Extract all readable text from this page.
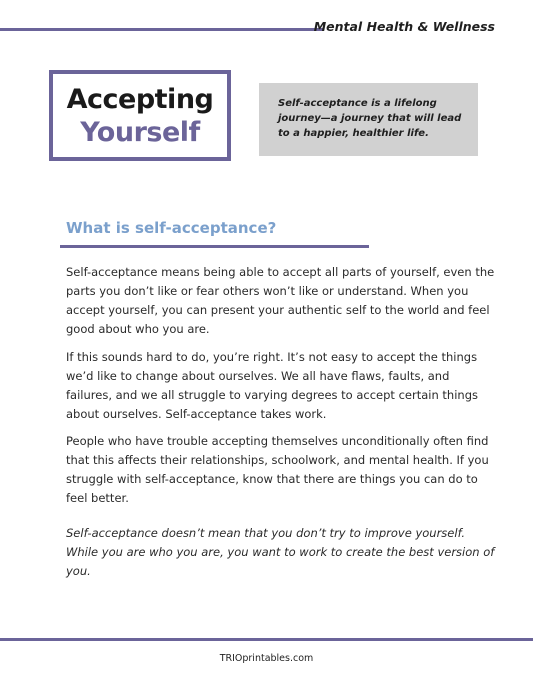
Mental Health & Wellness
Accepting
Yourself
Self-acceptance is a lifelong journey—a journey that will lead to a happier, healthier life.
What is self-acceptance?

Self-acceptance means being able to accept all parts of yourself, even the parts you don’t like or fear others won’t like or understand. When you accept yourself, you can present your authentic self to the world and feel good about who you are.

If this sounds hard to do, you’re right. It’s not easy to accept the things we’d like to change about ourselves. We all have flaws, faults, and failures, and we all struggle to varying degrees to accept certain things about ourselves. Self-acceptance takes work.

People who have trouble accepting themselves unconditionally often find that this affects their relationships, schoolwork, and mental health. If you struggle with self-acceptance, know that there are things you can do to feel better.

Self-acceptance doesn’t mean that you don’t try to improve yourself. While you are who you are, you want to work to create the best version of you.

TRIOprintables.com
